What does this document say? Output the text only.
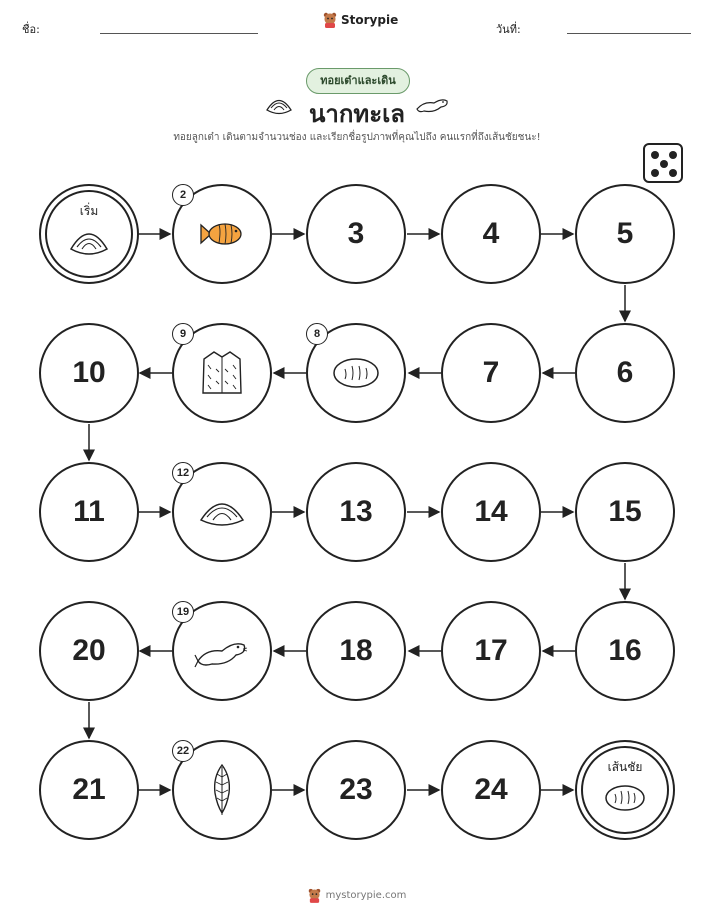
ชื่อ:
Storypie
วันที่:
ทอยเต๋าและเดิน
นากทะเล
ทอยลูกเต๋า เดินตามจำนวนช่อง และเรียกชื่อรูปภาพที่คุณไปถึง คนแรกที่ถึงเส้นชัยชนะ!
เริ่ม
2
3	4	5
6
7
8
9
10
11
12
13	14	15
16
17
18
19
20
21
22
23	24
เส้นชัย
mystorypie.com
